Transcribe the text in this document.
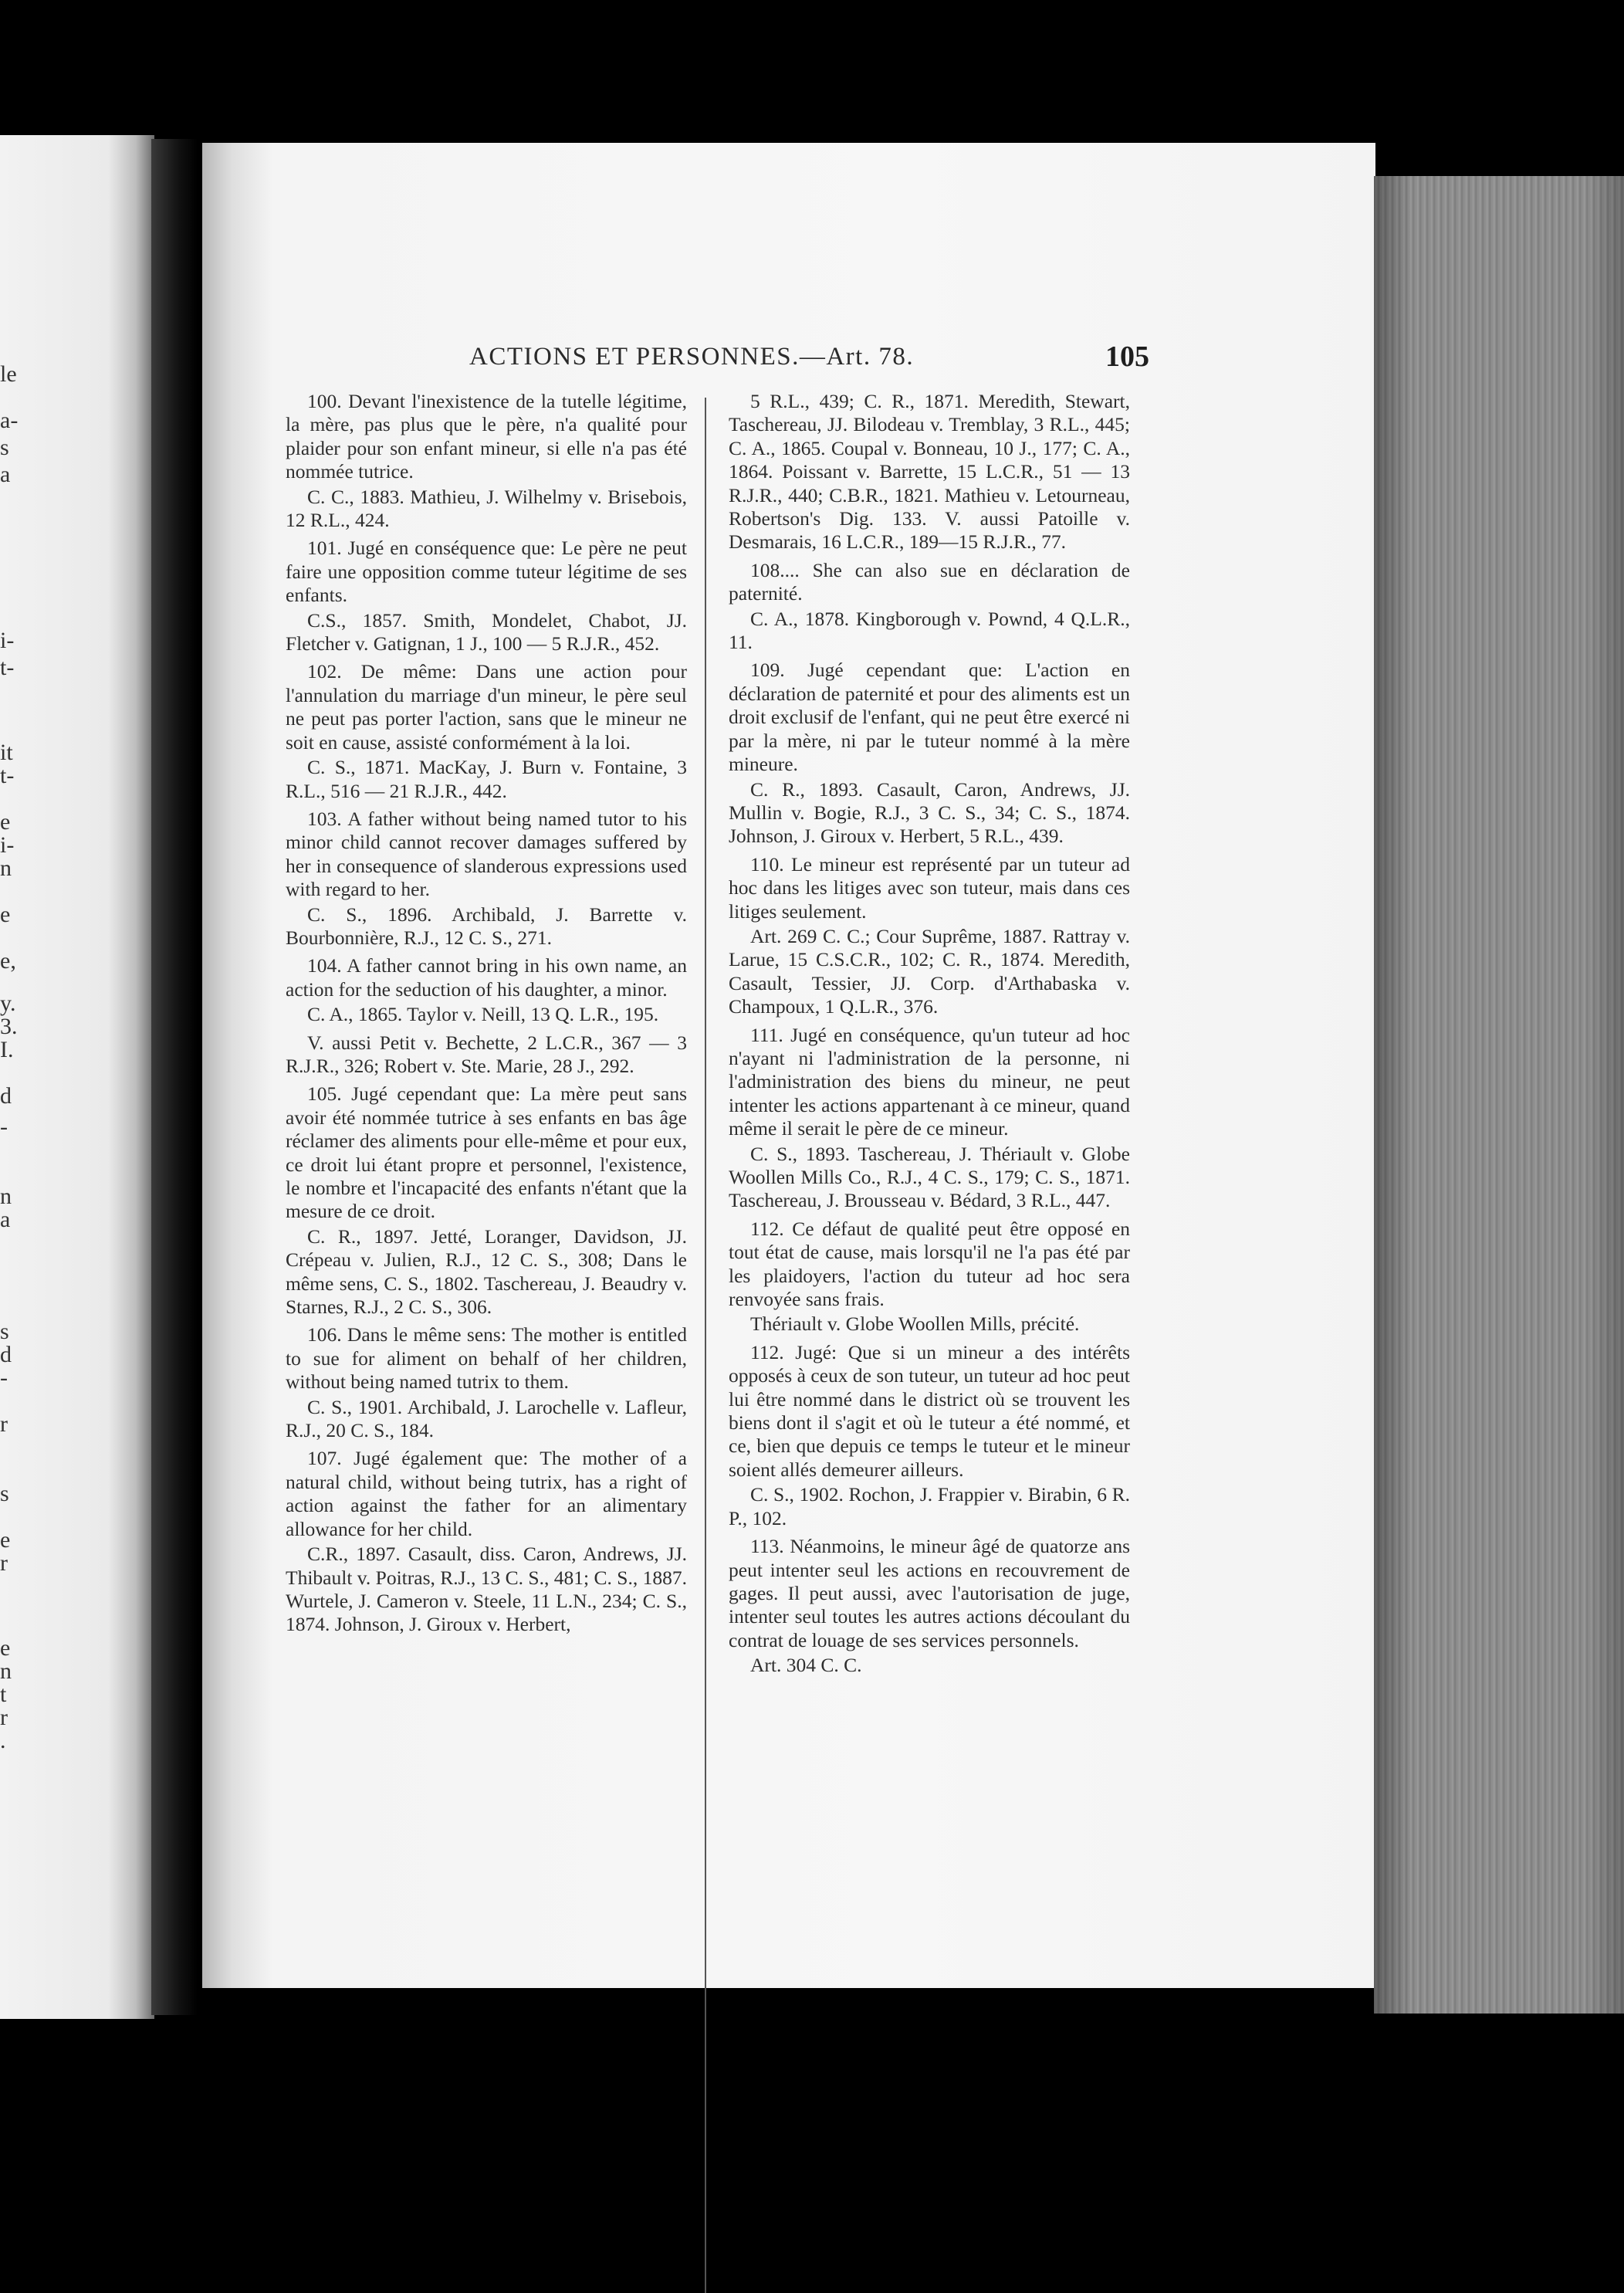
le
a-
s
a
i-
t-
it
t-
e
i-
n
e
e,
y.
3.
I.
d
-
n
a
s
d
-
r
s
e
r
e
n
t
r
.
ACTIONS ET PERSONNES.—Art. 78.	105

100. Devant l'inexistence de la tutelle légitime, la mère, pas plus que le père, n'a qualité pour plaider pour son enfant mineur, si elle n'a pas été nommée tutrice.

C. C., 1883. Mathieu, J. Wilhelmy v. Brisebois, 12 R.L., 424.

101. Jugé en conséquence que: Le père ne peut faire une opposition comme tuteur légitime de ses enfants.

C.S., 1857. Smith, Mondelet, Chabot, JJ. Fletcher v. Gatignan, 1 J., 100 — 5 R.J.R., 452.

102. De même: Dans une action pour l'annulation du marriage d'un mineur, le père seul ne peut pas porter l'action, sans que le mineur ne soit en cause, assisté conformément à la loi.

C. S., 1871. MacKay, J. Burn v. Fontaine, 3 R.L., 516 — 21 R.J.R., 442.

103. A father without being named tutor to his minor child cannot recover damages suffered by her in consequence of slanderous expressions used with regard to her.

C. S., 1896. Archibald, J. Barrette v. Bourbonnière, R.J., 12 C. S., 271.

104. A father cannot bring in his own name, an action for the seduction of his daughter, a minor.

C. A., 1865. Taylor v. Neill, 13 Q. L.R., 195.

V. aussi Petit v. Bechette, 2 L.C.R., 367 — 3 R.J.R., 326; Robert v. Ste. Marie, 28 J., 292.

105. Jugé cependant que: La mère peut sans avoir été nommée tutrice à ses enfants en bas âge réclamer des aliments pour elle-même et pour eux, ce droit lui étant propre et personnel, l'existence, le nombre et l'incapacité des enfants n'étant que la mesure de ce droit.

C. R., 1897. Jetté, Loranger, Davidson, JJ. Crépeau v. Julien, R.J., 12 C. S., 308; Dans le même sens, C. S., 1802. Taschereau, J. Beaudry v. Starnes, R.J., 2 C. S., 306.

106. Dans le même sens: The mother is entitled to sue for aliment on behalf of her children, without being named tutrix to them.

C. S., 1901. Archibald, J. Larochelle v. Lafleur, R.J., 20 C. S., 184.

107. Jugé également que: The mother of a natural child, without being tutrix, has a right of action against the father for an alimentary allowance for her child.

C.R., 1897. Casault, diss. Caron, Andrews, JJ. Thibault v. Poitras, R.J., 13 C. S., 481; C. S., 1887. Wurtele, J. Cameron v. Steele, 11 L.N., 234; C. S., 1874. Johnson, J. Giroux v. Herbert,

5 R.L., 439; C. R., 1871. Meredith, Stewart, Taschereau, JJ. Bilodeau v. Tremblay, 3 R.L., 445; C. A., 1865. Coupal v. Bonneau, 10 J., 177; C. A., 1864. Poissant v. Barrette, 15 L.C.R., 51 — 13 R.J.R., 440; C.B.R., 1821. Mathieu v. Letourneau, Robertson's Dig. 133. V. aussi Patoille v. Desmarais, 16 L.C.R., 189—15 R.J.R., 77.

108.... She can also sue en déclaration de paternité.

C. A., 1878. Kingborough v. Pownd, 4 Q.L.R., 11.

109. Jugé cependant que: L'action en déclaration de paternité et pour des aliments est un droit exclusif de l'enfant, qui ne peut être exercé ni par la mère, ni par le tuteur nommé à la mère mineure.

C. R., 1893. Casault, Caron, Andrews, JJ. Mullin v. Bogie, R.J., 3 C. S., 34; C. S., 1874. Johnson, J. Giroux v. Herbert, 5 R.L., 439.

110. Le mineur est représenté par un tuteur ad hoc dans les litiges avec son tuteur, mais dans ces litiges seulement.

Art. 269 C. C.; Cour Suprême, 1887. Rattray v. Larue, 15 C.S.C.R., 102; C. R., 1874. Meredith, Casault, Tessier, JJ. Corp. d'Arthabaska v. Champoux, 1 Q.L.R., 376.

111. Jugé en conséquence, qu'un tuteur ad hoc n'ayant ni l'administration de la personne, ni l'administration des biens du mineur, ne peut intenter les actions appartenant à ce mineur, quand même il serait le père de ce mineur.

C. S., 1893. Taschereau, J. Thériault v. Globe Woollen Mills Co., R.J., 4 C. S., 179; C. S., 1871. Taschereau, J. Brousseau v. Bédard, 3 R.L., 447.

112. Ce défaut de qualité peut être opposé en tout état de cause, mais lorsqu'il ne l'a pas été par les plaidoyers, l'action du tuteur ad hoc sera renvoyée sans frais.

Thériault v. Globe Woollen Mills, précité.

112. Jugé: Que si un mineur a des intérêts opposés à ceux de son tuteur, un tuteur ad hoc peut lui être nommé dans le district où se trouvent les biens dont il s'agit et où le tuteur a été nommé, et ce, bien que depuis ce temps le tuteur et le mineur soient allés demeurer ailleurs.

C. S., 1902. Rochon, J. Frappier v. Birabin, 6 R. P., 102.

113. Néanmoins, le mineur âgé de quatorze ans peut intenter seul les actions en recouvrement de gages. Il peut aussi, avec l'autorisation de juge, intenter seul toutes les autres actions découlant du contrat de louage de ses services personnels.

Art. 304 C. C.
